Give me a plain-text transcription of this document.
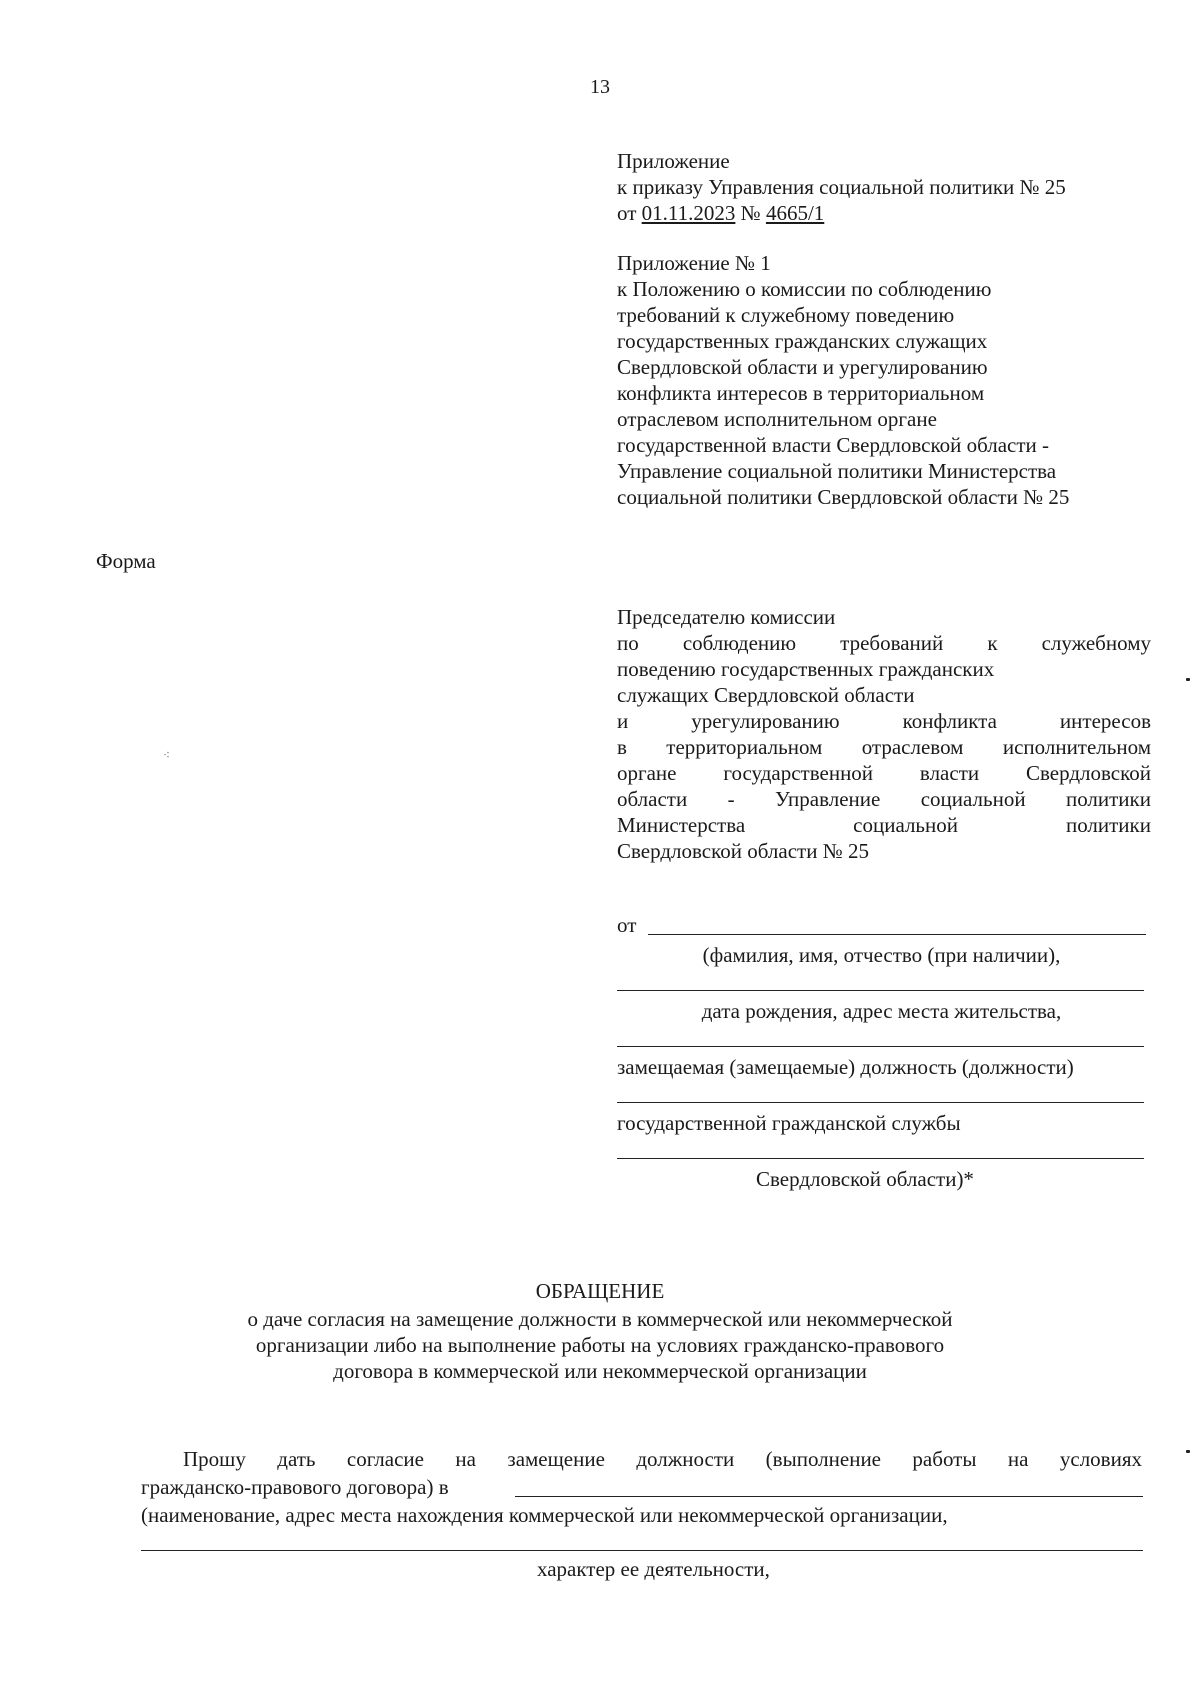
13
Приложение
к приказу Управления социальной политики № 25
от 01.11.2023 № 4665/1
Приложение № 1
к Положению о комиссии по соблюдению
требований к служебному поведению
государственных гражданских служащих
Свердловской области и урегулированию
конфликта интересов в территориальном
отраслевом исполнительном органе
государственной власти Свердловской области -
Управление социальной политики Министерства
социальной политики Свердловской области № 25
Форма
Председателю комиссии
по соблюдению требований к служебному
поведению государственных гражданских
служащих Свердловской области
и урегулированию конфликта интересов
в территориальном отраслевом исполнительном
органе государственной власти Свердловской
области - Управление социальной политики
Министерства социальной политики
Свердловской области № 25
от
(фамилия, имя, отчество (при наличии),
дата рождения, адрес места жительства,
замещаемая (замещаемые) должность (должности)
государственной гражданской службы
Свердловской области)*
ОБРАЩЕНИЕ
о даче согласия на замещение должности в коммерческой или некоммерческой
организации либо на выполнение работы на условиях гражданско-правового
договора в коммерческой или некоммерческой организации
Прошу дать согласие на замещение должности (выполнение работы на условиях
гражданско-правового договора) в
(наименование, адрес места нахождения коммерческой или некоммерческой организации,
характер ее деятельности,
⁖
